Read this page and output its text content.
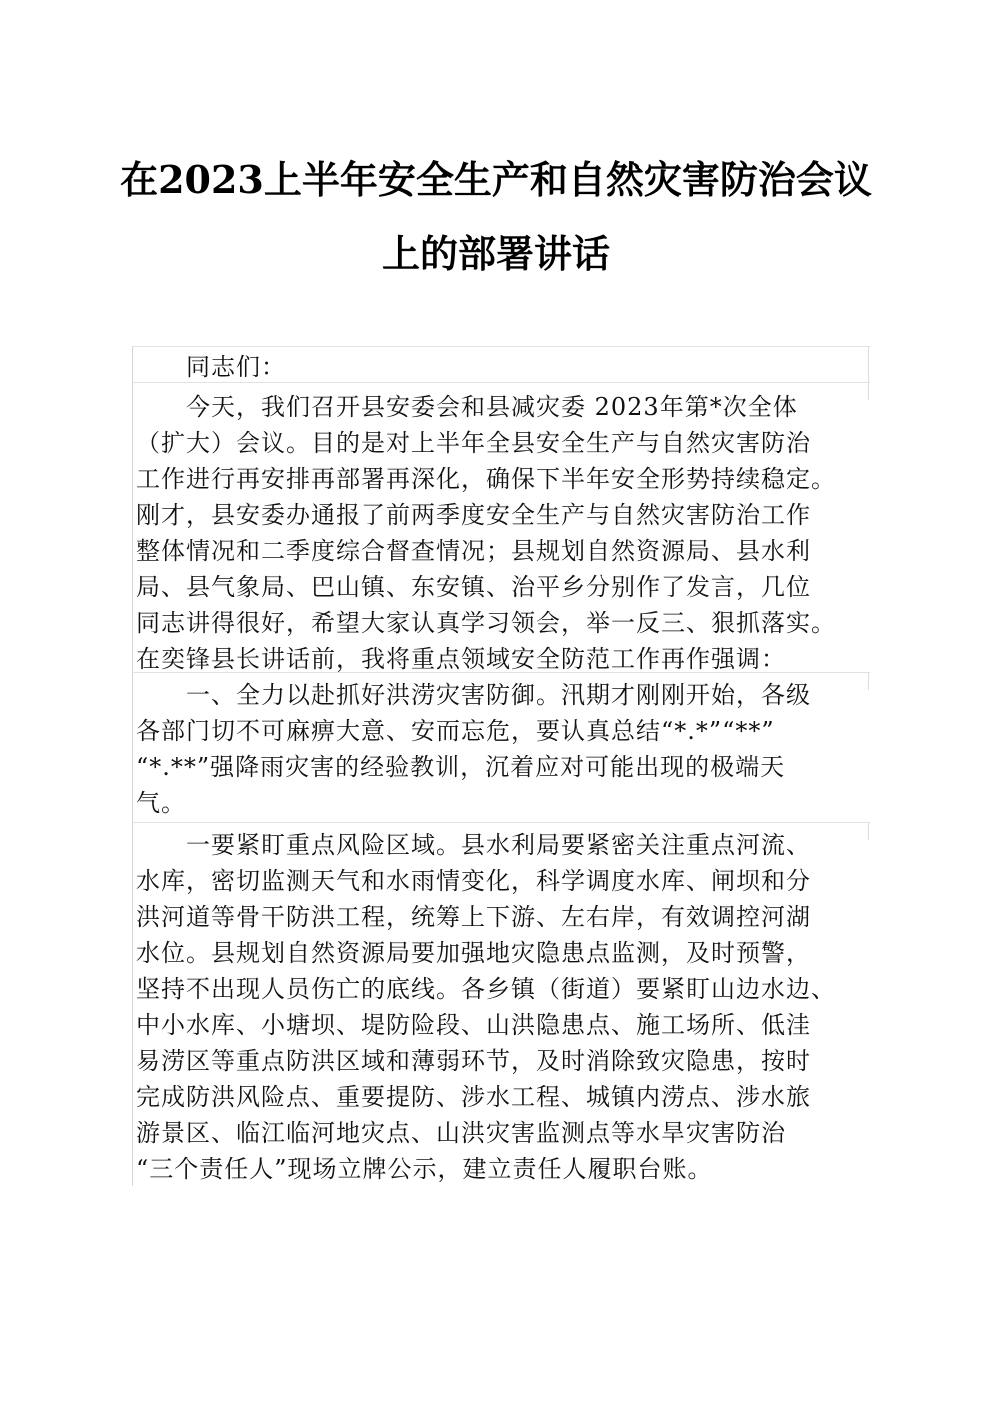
在2023上半年安全生产和自然灾害防治会议
上的部署讲话
同志们：
今天，我们召开县安委会和县减灾委 2023年第*次全体
（扩大）会议。目的是对上半年全县安全生产与自然灾害防治
工作进行再安排再部署再深化，确保下半年安全形势持续稳定。
刚才，县安委办通报了前两季度安全生产与自然灾害防治工作
整体情况和二季度综合督查情况；县规划自然资源局、县水利
局、县气象局、巴山镇、东安镇、治平乡分别作了发言，几位
同志讲得很好，希望大家认真学习领会，举一反三、狠抓落实。
在奕锋县长讲话前，我将重点领域安全防范工作再作强调：
一、全力以赴抓好洪涝灾害防御。汛期才刚刚开始，各级
各部门切不可麻痹大意、安而忘危，要认真总结“*.*”“**”
“*.**”强降雨灾害的经验教训，沉着应对可能出现的极端天
气。
一要紧盯重点风险区域。县水利局要紧密关注重点河流、
水库，密切监测天气和水雨情变化，科学调度水库、闸坝和分
洪河道等骨干防洪工程，统筹上下游、左右岸，有效调控河湖
水位。县规划自然资源局要加强地灾隐患点监测，及时预警，
坚持不出现人员伤亡的底线。各乡镇（街道）要紧盯山边水边、
中小水库、小塘坝、堤防险段、山洪隐患点、施工场所、低洼
易涝区等重点防洪区域和薄弱环节，及时消除致灾隐患，按时
完成防洪风险点、重要提防、涉水工程、城镇内涝点、涉水旅
游景区、临江临河地灾点、山洪灾害监测点等水旱灾害防治
“三个责任人”现场立牌公示，建立责任人履职台账。
